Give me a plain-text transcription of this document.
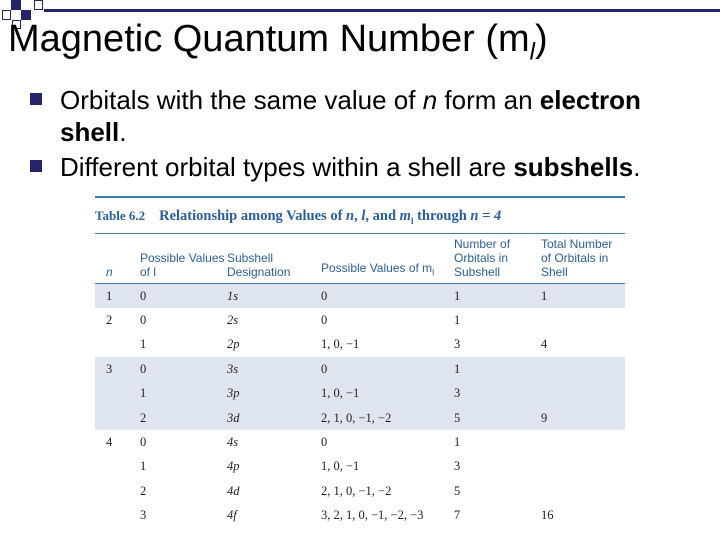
Magnetic Quantum Number $(m_l)$
Orbitals with the same value of n form an electron shell.
Different orbital types within a shell are subshells.
Table 6.2 Relationship among Values of n, l, and $m_l$ through n = 4
n	Possible Values of l	Subshell Designation	Possible Values of $m_l$	Number of Orbitals in Subshell	Total Number of Orbitals in Shell
1	0	1s	0	1	1
2	0	2s	0	1	
	1	2p	1, 0, −1	3	4
3	0	3s	0	1	
	1	3p	1, 0, −1	3	
	2	3d	2, 1, 0, −1, −2	5	9
4	0	4s	0	1	
	1	4p	1, 0, −1	3	
	2	4d	2, 1, 0, −1, −2	5	
	3	4f	3, 2, 1, 0, −1, −2, −3	7	16
